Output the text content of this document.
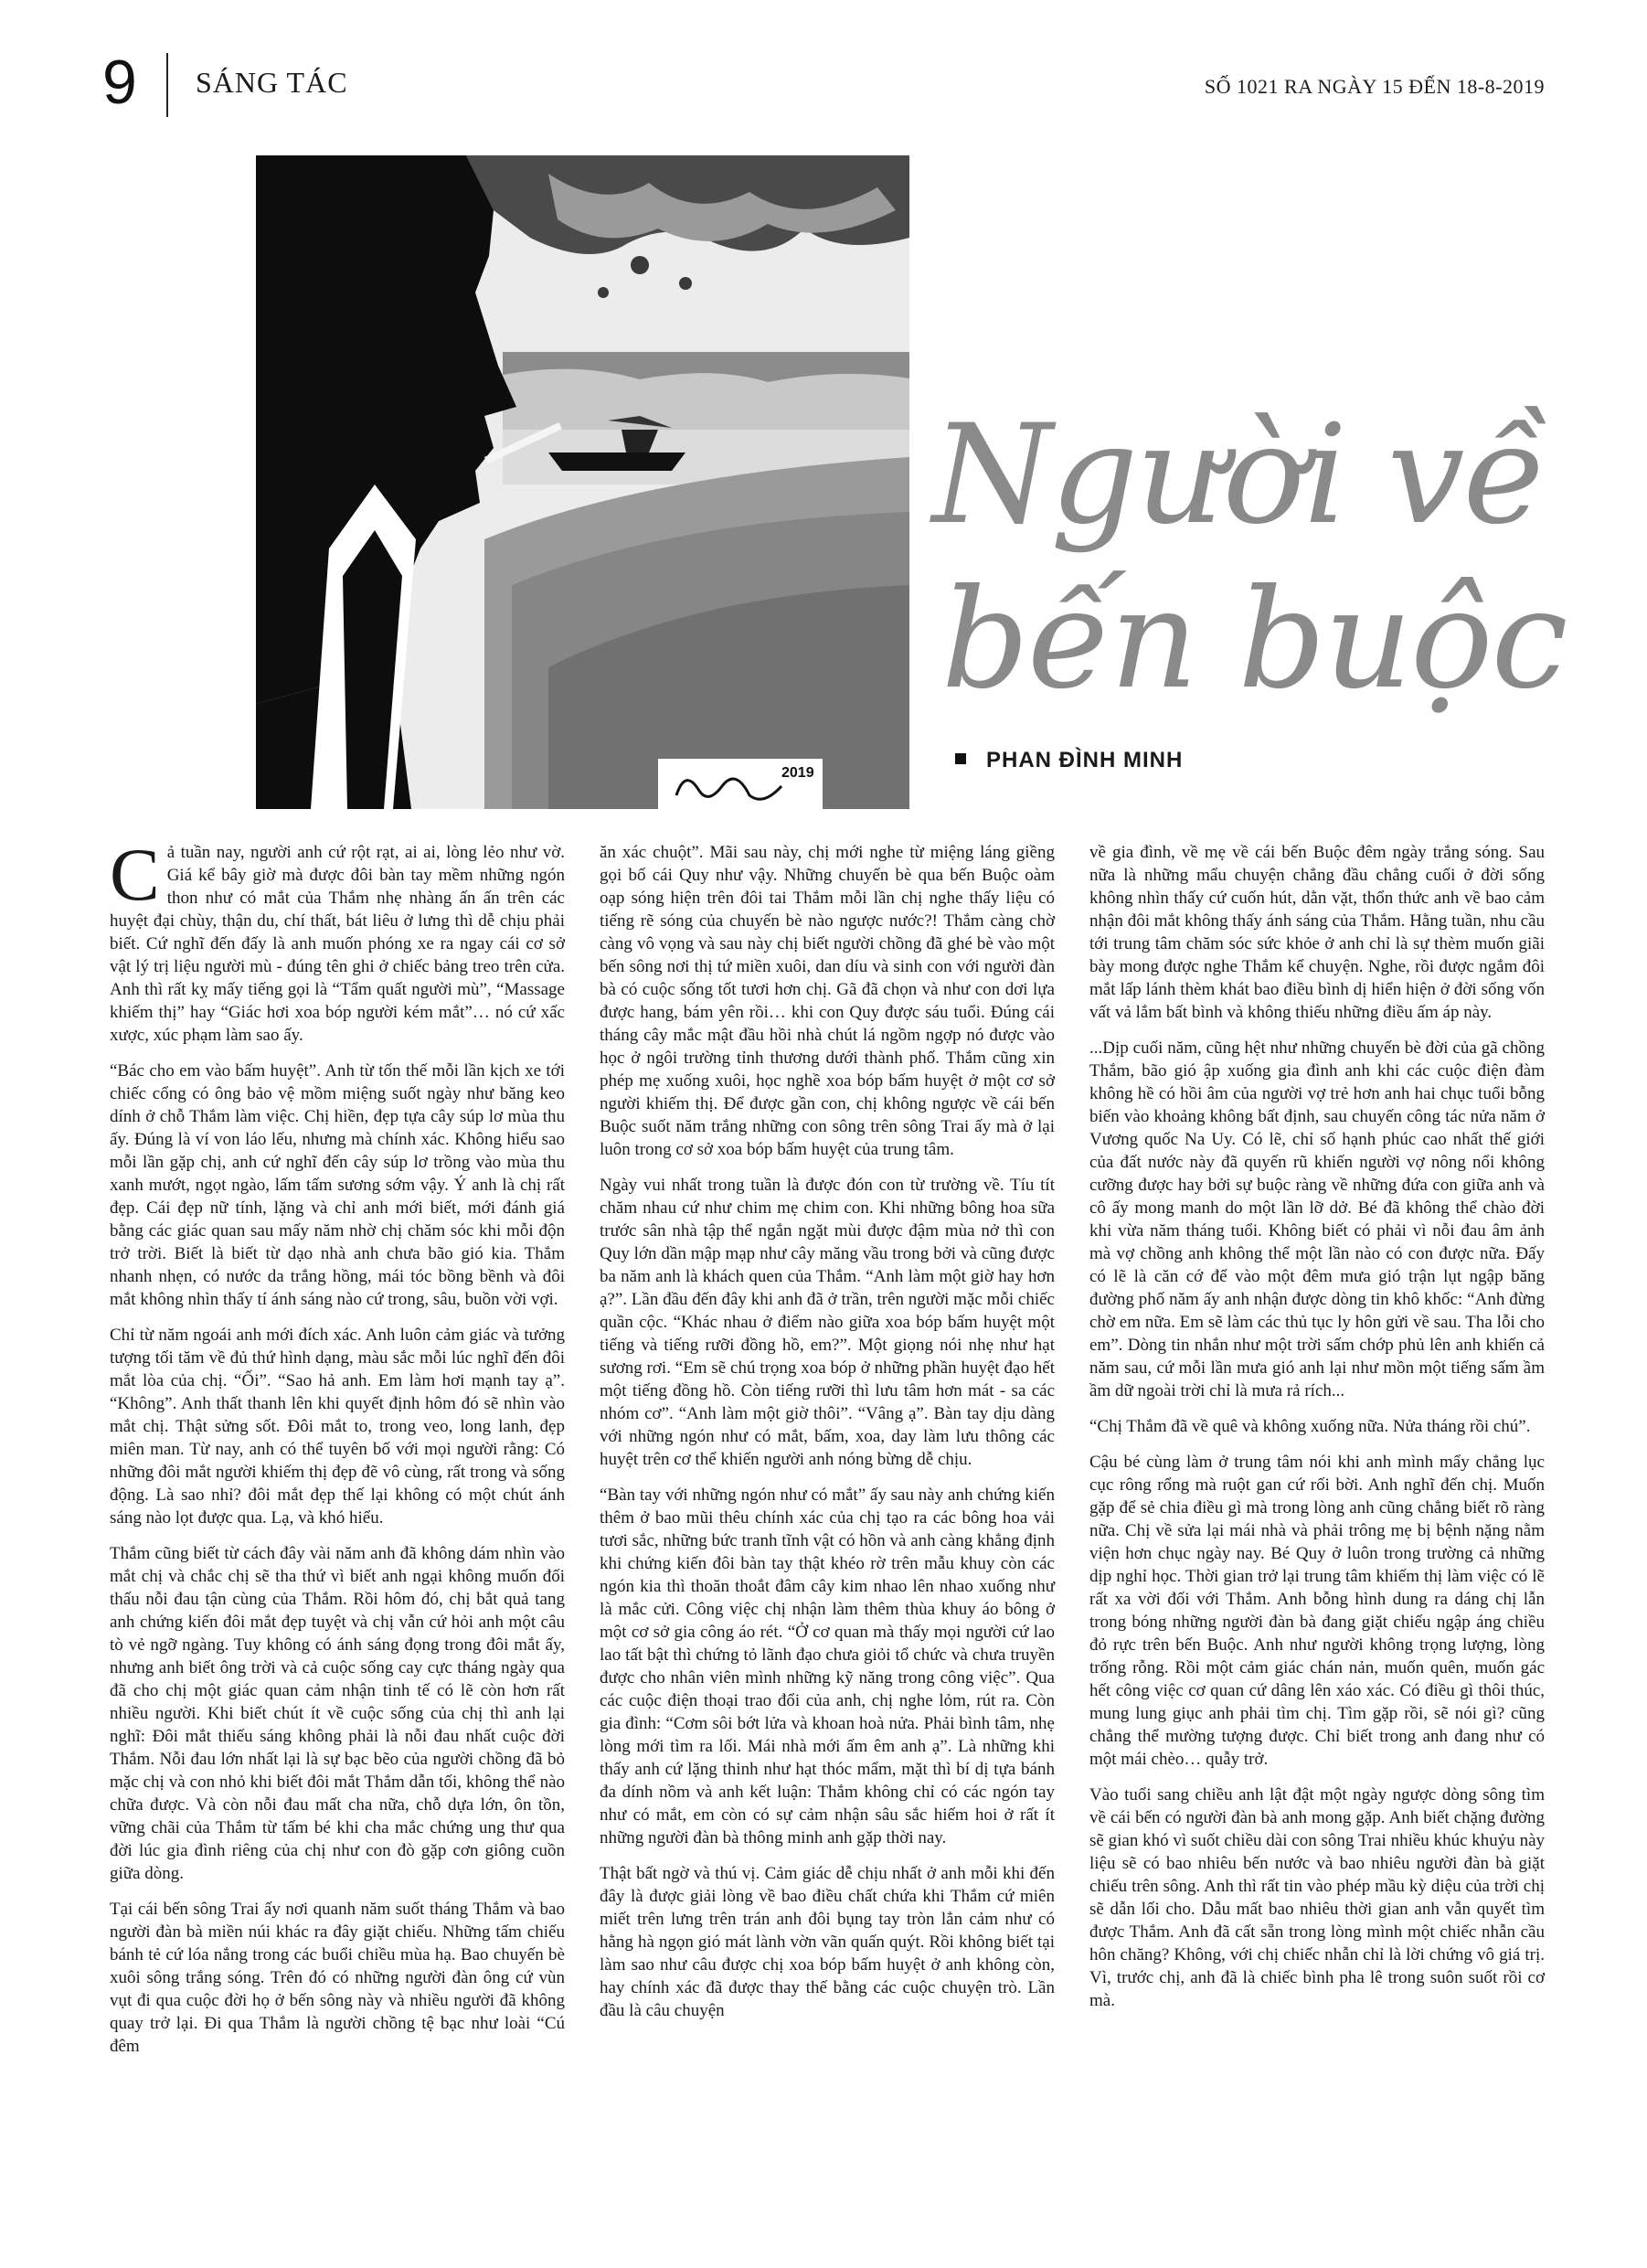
9 SÁNG TÁC	SỐ 1021 RA NGÀY 15 ĐẾN 18-8-2019
2019
Người về
bến buộc
PHAN ĐÌNH MINH

Cả tuần nay, người anh cứ rột rạt, ai ai, lòng lẻo như vờ. Giá kể bây giờ mà được đôi bàn tay mềm những ngón thon như có mắt của Thắm nhẹ nhàng ấn ấn trên các huyệt đại chùy, thận du, chí thất, bát liêu ở lưng thì dễ chịu phải biết. Cứ nghĩ đến đấy là anh muốn phóng xe ra ngay cái cơ sở vật lý trị liệu người mù - đúng tên ghi ở chiếc bảng treo trên cửa. Anh thì rất kỵ mấy tiếng gọi là “Tẩm quất người mù”, “Massage khiếm thị” hay “Giác hơi xoa bóp người kém mắt”… nó cứ xấc xược, xúc phạm làm sao ấy.

“Bác cho em vào bấm huyệt”. Anh từ tốn thế mỗi lần kịch xe tới chiếc cổng có ông bảo vệ mồm miệng suốt ngày như băng keo dính ở chỗ Thắm làm việc. Chị hiền, đẹp tựa cây súp lơ mùa thu ấy. Đúng là ví von láo lếu, nhưng mà chính xác. Không hiểu sao mỗi lần gặp chị, anh cứ nghĩ đến cây súp lơ trồng vào mùa thu xanh mướt, ngọt ngào, lấm tấm sương sớm vậy. Ý anh là chị rất đẹp. Cái đẹp nữ tính, lặng và chỉ anh mới biết, mới đánh giá bằng các giác quan sau mấy năm nhờ chị chăm sóc khi mỗi độn trở trời. Biết là biết từ dạo nhà anh chưa bão gió kia. Thắm nhanh nhẹn, có nước da trắng hồng, mái tóc bồng bềnh và đôi mắt không nhìn thấy tí ánh sáng nào cứ trong, sâu, buồn vời vợi.

Chỉ từ năm ngoái anh mới đích xác. Anh luôn cảm giác và tưởng tượng tối tăm về đủ thứ hình dạng, màu sắc mỗi lúc nghĩ đến đôi mắt lòa của chị. “Ối”. “Sao hả anh. Em làm hơi mạnh tay ạ”. “Không”. Anh thất thanh lên khi quyết định hôm đó sẽ nhìn vào mắt chị. Thật sửng sốt. Đôi mắt to, trong veo, long lanh, đẹp miên man. Từ nay, anh có thể tuyên bố với mọi người rằng: Có những đôi mắt người khiếm thị đẹp đẽ vô cùng, rất trong và sống động. Là sao nhỉ? đôi mắt đẹp thế lại không có một chút ánh sáng nào lọt được qua. Lạ, và khó hiểu.

Thắm cũng biết từ cách đây vài năm anh đã không dám nhìn vào mắt chị và chắc chị sẽ tha thứ vì biết anh ngại không muốn đối thấu nỗi đau tận cùng của Thắm. Rồi hôm đó, chị bắt quả tang anh chứng kiến đôi mắt đẹp tuyệt và chị vẫn cứ hỏi anh một câu tò vẻ ngỡ ngàng. Tuy không có ánh sáng đọng trong đôi mắt ấy, nhưng anh biết ông trời và cả cuộc sống cay cực tháng ngày qua đã cho chị một giác quan cảm nhận tinh tế có lẽ còn hơn rất nhiều người. Khi biết chút ít về cuộc sống của chị thì anh lại nghĩ: Đôi mắt thiếu sáng không phải là nỗi đau nhất cuộc đời Thắm. Nỗi đau lớn nhất lại là sự bạc bẽo của người chồng đã bỏ mặc chị và con nhỏ khi biết đôi mắt Thắm dẫn tối, không thể nào chữa được. Và còn nỗi đau mất cha nữa, chỗ dựa lớn, ôn tồn, vững chãi của Thắm từ tấm bé khi cha mắc chứng ung thư qua đời lúc gia đình riêng của chị như con đò gặp cơn giông cuồn giữa dòng.

Tại cái bến sông Trai ấy nơi quanh năm suốt tháng Thắm và bao người đàn bà miền núi khác ra đây giặt chiếu. Những tấm chiếu bánh tẻ cứ lóa nắng trong các buổi chiều mùa hạ. Bao chuyến bè xuôi sông trắng sóng. Trên đó có những người đàn ông cứ vùn vụt đi qua cuộc đời họ ở bến sông này và nhiều người đã không quay trở lại. Đi qua Thắm là người chồng tệ bạc như loài “Cú đêm

ăn xác chuột”. Mãi sau này, chị mới nghe từ miệng láng giềng gọi bố cái Quy như vậy. Những chuyến bè qua bến Buộc oàm oạp sóng hiện trên đôi tai Thắm mỗi lần chị nghe thấy liệu có tiếng rẽ sóng của chuyến bè nào ngược nước?! Thắm càng chờ càng vô vọng và sau này chị biết người chồng đã ghé bè vào một bến sông nơi thị tứ miền xuôi, dan díu và sinh con với người đàn bà có cuộc sống tốt tươi hơn chị. Gã đã chọn và như con dơi lựa được hang, bám yên rồi… khi con Quy được sáu tuổi. Đúng cái tháng cây mắc mật đầu hồi nhà chút lá ngồm ngợp nó được vào học ở ngôi trường tỉnh thương dưới thành phố. Thắm cũng xin phép mẹ xuống xuôi, học nghề xoa bóp bấm huyệt ở một cơ sở người khiếm thị. Để được gần con, chị không ngược về cái bến Buộc suốt năm trắng những con sông trên sông Trai ấy mà ở lại luôn trong cơ sở xoa bóp bấm huyệt của trung tâm.

Ngày vui nhất trong tuần là được đón con từ trường về. Tíu tít chăm nhau cứ như chim mẹ chim con. Khi những bông hoa sữa trước sân nhà tập thể ngắn ngặt mùi được đậm mùa nở thì con Quy lớn dần mập mạp như cây măng vầu trong bởi và cũng được ba năm anh là khách quen của Thắm. “Anh làm một giờ hay hơn ạ?”. Lần đầu đến đây khi anh đã ở trần, trên người mặc mỗi chiếc quần cộc. “Khác nhau ở điểm nào giữa xoa bóp bấm huyệt một tiếng và tiếng rưỡi đồng hồ, em?”. Một giọng nói nhẹ như hạt sương rơi. “Em sẽ chú trọng xoa bóp ở những phần huyệt đạo hết một tiếng đồng hồ. Còn tiếng rưỡi thì lưu tâm hơn mát - sa các nhóm cơ”. “Anh làm một giờ thôi”. “Vâng ạ”. Bàn tay dịu dàng với những ngón như có mắt, bấm, xoa, day làm lưu thông các huyệt trên cơ thể khiến người anh nóng bừng dễ chịu.

“Bàn tay với những ngón như có mắt” ấy sau này anh chứng kiến thêm ở bao mũi thêu chính xác của chị tạo ra các bông hoa vải tươi sắc, những bức tranh tĩnh vật có hồn và anh càng khẳng định khi chứng kiến đôi bàn tay thật khéo rờ trên mẫu khuy còn các ngón kia thì thoăn thoắt đâm cây kim nhao lên nhao xuống như là mắc cửi. Công việc chị nhận làm thêm thùa khuy áo bông ở một cơ sở gia công áo rét. “Ở cơ quan mà thấy mọi người cứ lao lao tất bật thì chứng tỏ lãnh đạo chưa giỏi tổ chức và chưa truyền được cho nhân viên mình những kỹ năng trong công việc”. Qua các cuộc điện thoại trao đổi của anh, chị nghe lỏm, rút ra. Còn gia đình: “Cơm sôi bớt lửa và khoan hoà nửa. Phải bình tâm, nhẹ lòng mới tìm ra lối. Mái nhà mới ấm êm anh ạ”. Là những khi thấy anh cứ lặng thinh như hạt thóc mẩm, mặt thì bí dị tựa bánh đa dính nồm và anh kết luận: Thắm không chỉ có các ngón tay như có mắt, em còn có sự cảm nhận sâu sắc hiếm hoi ở rất ít những người đàn bà thông minh anh gặp thời nay.

Thật bất ngờ và thú vị. Cảm giác dễ chịu nhất ở anh mỗi khi đến đây là được giải lòng về bao điều chất chứa khi Thắm cứ miên miết trên lưng trên trán anh đôi bụng tay tròn lẳn cảm như có hằng hà ngọn gió mát lành vờn vãn quấn quýt. Rồi không biết tại làm sao như câu được chị xoa bóp bấm huyệt ở anh không còn, hay chính xác đã được thay thế bằng các cuộc chuyện trò. Lần đầu là câu chuyện

về gia đình, về mẹ về cái bến Buộc đêm ngày trắng sóng. Sau nữa là những mẩu chuyện chẳng đầu chẳng cuối ở đời sống không nhìn thấy cứ cuốn hút, dằn vặt, thổn thức anh về bao cảm nhận đôi mắt không thấy ánh sáng của Thắm. Hằng tuần, nhu cầu tới trung tâm chăm sóc sức khỏe ở anh chỉ là sự thèm muốn giãi bày mong được nghe Thắm kể chuyện. Nghe, rồi được ngắm đôi mắt lấp lánh thèm khát bao điều bình dị hiển hiện ở đời sống vốn vất vả lắm bất bình và không thiếu những điều ấm áp này.

...Dịp cuối năm, cũng hệt như những chuyến bè đời của gã chồng Thắm, bão gió ập xuống gia đình anh khi các cuộc điện đàm không hề có hồi âm của người vợ trẻ hơn anh hai chục tuổi bỗng biến vào khoảng không bất định, sau chuyến công tác nửa năm ở Vương quốc Na Uy. Có lẽ, chỉ số hạnh phúc cao nhất thế giới của đất nước này đã quyến rũ khiến người vợ nông nổi không cưỡng được hay bởi sự buộc ràng về những đứa con giữa anh và cô ấy mong manh do một lần lỡ dở. Bé đã không thể chào đời khi vừa năm tháng tuổi. Không biết có phải vì nỗi đau âm ảnh mà vợ chồng anh không thể một lần nào có con được nữa. Đấy có lẽ là căn cớ để vào một đêm mưa gió trận lụt ngập băng đường phố năm ấy anh nhận được dòng tin khô khốc: “Anh đừng chờ em nữa. Em sẽ làm các thủ tục ly hôn gửi về sau. Tha lỗi cho em”. Dòng tin nhắn như một trời sấm chớp phủ lên anh khiến cả năm sau, cứ mỗi lần mưa gió anh lại như mồn một tiếng sấm ầm ầm dữ ngoài trời chỉ là mưa rả rích...

“Chị Thắm đã về quê và không xuống nữa. Nửa tháng rồi chú”.

Cậu bé cùng làm ở trung tâm nói khi anh mình mẩy chẳng lục cục rông rổng mà ruột gan cứ rối bời. Anh nghĩ đến chị. Muốn gặp để sẻ chia điều gì mà trong lòng anh cũng chẳng biết rõ ràng nữa. Chị về sửa lại mái nhà và phải trông mẹ bị bệnh nặng nằm viện hơn chục ngày nay. Bé Quy ở luôn trong trường cả những dịp nghỉ học. Thời gian trở lại trung tâm khiếm thị làm việc có lẽ rất xa vời đối với Thắm. Anh bỗng hình dung ra dáng chị lẫn trong bóng những người đàn bà đang giặt chiếu ngập áng chiều đỏ rực trên bến Buộc. Anh như người không trọng lượng, lòng trống rỗng. Rồi một cảm giác chán nản, muốn quên, muốn gác hết công việc cơ quan cứ dâng lên xáo xác. Có điều gì thôi thúc, mung lung giục anh phải tìm chị. Tìm gặp rồi, sẽ nói gì? cũng chẳng thể mường tượng được. Chỉ biết trong anh đang như có một mái chèo… quẫy trở.

Vào tuổi sang chiều anh lật đật một ngày ngược dòng sông tìm về cái bến có người đàn bà anh mong gặp. Anh biết chặng đường sẽ gian khó vì suốt chiều dài con sông Trai nhiều khúc khuỷu này liệu sẽ có bao nhiêu bến nước và bao nhiêu người đàn bà giặt chiếu trên sông. Anh thì rất tin vào phép mầu kỳ diệu của trời chị sẽ dẫn lối cho. Dẫu mất bao nhiêu thời gian anh vẫn quyết tìm được Thắm. Anh đã cất sẵn trong lòng mình một chiếc nhẫn cầu hôn chăng? Không, với chị chiếc nhẫn chỉ là lời chứng vô giá trị. Vì, trước chị, anh đã là chiếc bình pha lê trong suôn suốt rồi cơ mà.
